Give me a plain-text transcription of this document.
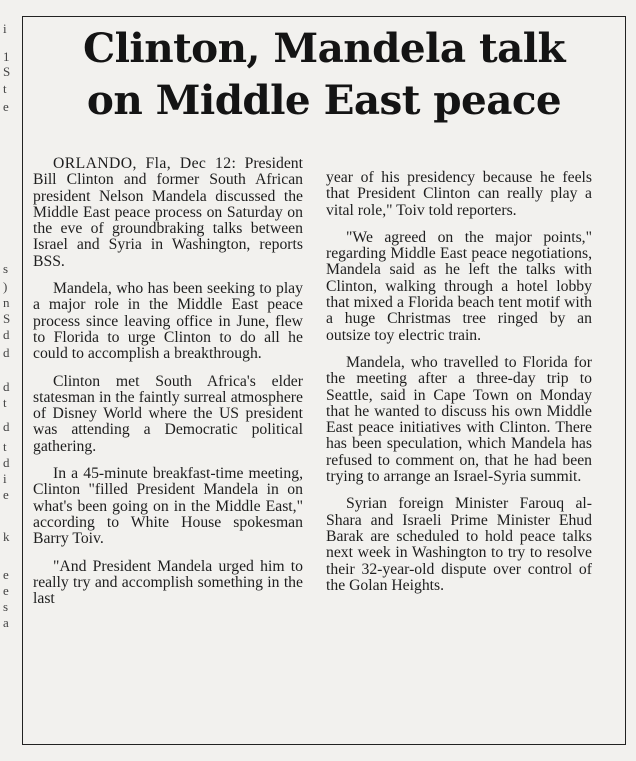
i
1
S
t
e
s
)
n
S
d
d
d
t
d
t
d
i
e
k
e
e
s
a
Clinton, Mandela talk
on Middle East peace

ORLANDO, Fla, Dec 12: President Bill Clinton and former South African president Nelson Mandela discussed the Middle East peace process on Saturday on the eve of groundbraking talks between Israel and Syria in Washington, reports BSS.

Mandela, who has been seeking to play a major role in the Middle East peace process since leaving office in June, flew to Florida to urge Clinton to do all he could to accomplish a breakthrough.

Clinton met South Africa's elder statesman in the faintly surreal atmosphere of Disney World where the US president was attending a Democratic political gathering.

In a 45-minute breakfast-time meeting, Clinton "filled President Mandela in on what's been going on in the Middle East," according to White House spokesman Barry Toiv.

"And President Mandela urged him to really try and accomplish something in the last

year of his presidency because he feels that President Clinton can really play a vital role," Toiv told reporters.

"We agreed on the major points," regarding Middle East peace negotiations, Mandela said as he left the talks with Clinton, walking through a hotel lobby that mixed a Florida beach tent motif with a huge Christmas tree ringed by an outsize toy electric train.

Mandela, who travelled to Florida for the meeting after a three-day trip to Seattle, said in Cape Town on Monday that he wanted to discuss his own Middle East peace initiatives with Clinton. There has been speculation, which Mandela has refused to comment on, that he had been trying to arrange an Israel-Syria summit.

Syrian foreign Minister Farouq al-Shara and Israeli Prime Minister Ehud Barak are scheduled to hold peace talks next week in Washington to try to resolve their 32-year-old dispute over control of the Golan Heights.
